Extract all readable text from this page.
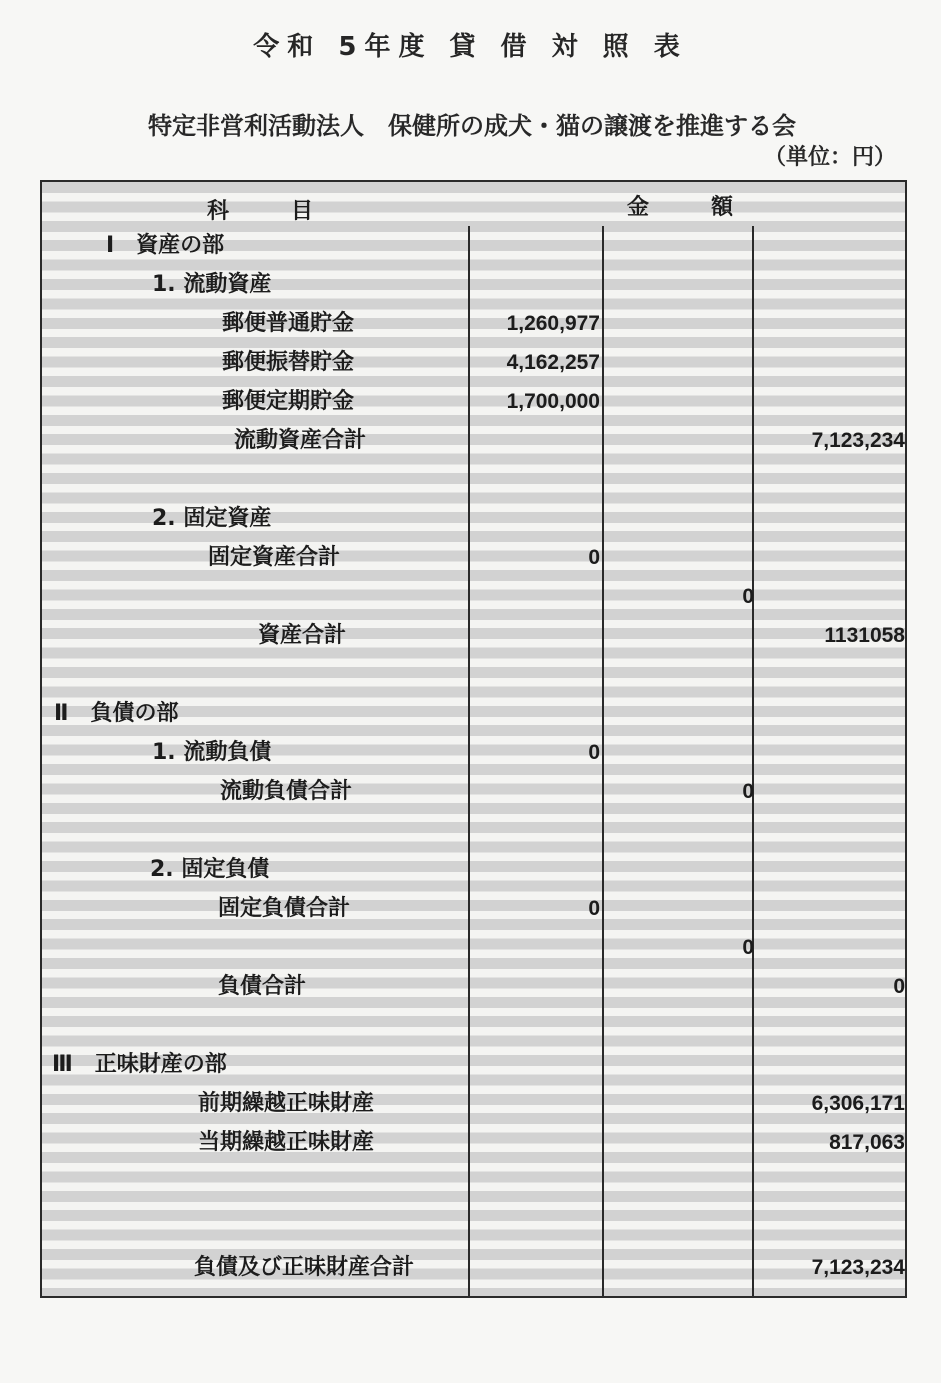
令和 5年度 貸 借 対 照 表
特定非営利活動法人　保健所の成犬・猫の譲渡を推進する会
（単位：円）
科　　目	金　　額
Ⅰ　資産の部
1. 流動資産
郵便普通貯金	1,260,977
郵便振替貯金	4,162,257
郵便定期貯金	1,700,000
流動資産合計	7,123,234
2. 固定資産
固定資産合計	0
0
資産合計	1131058
Ⅱ　負債の部
1. 流動負債	0
流動負債合計	0
2. 固定負債
固定負債合計	0
0
負債合計	0
Ⅲ　正味財産の部
前期繰越正味財産	6,306,171
当期繰越正味財産	817,063
負債及び正味財産合計	7,123,234
